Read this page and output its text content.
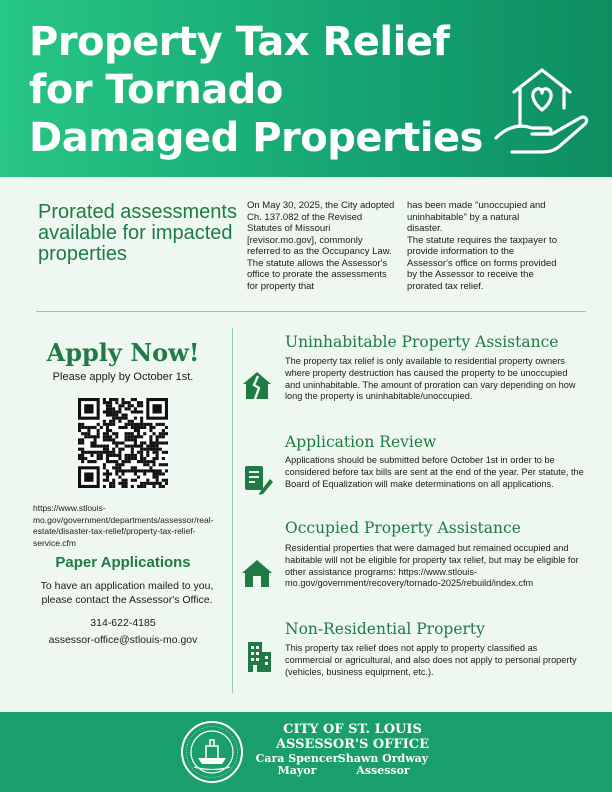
Property Tax Relief for Tornado Damaged Properties
Prorated assessments available for impacted properties
On May 30, 2025, the City adopted Ch. 137.082 of the Revised Statutes of Missouri [revisor.mo.gov], commonly referred to as the Occupancy Law. The statute allows the Assessor's office to prorate the assessments for property that
has been made "unoccupied and uninhabitable" by a natural disaster.
The statute requires the taxpayer to provide information to the Assessor's office on forms provided by the Assessor to receive the prorated tax relief.
Apply Now!
Please apply by October 1st.
https://www.stlouis-mo.gov/government/departments/assessor/real-estate/disaster-tax-relief/property-tax-relief-service.cfm
Paper Applications
To have an application mailed to you, please contact the Assessor's Office.
314-622-4185
assessor-office@stlouis-mo.gov
Uninhabitable Property Assistance
The property tax relief is only available to residential property owners where property destruction has caused the property to be unoccupied and uninhabitable. The amount of proration can vary depending on how long the property is uninhabitable/unoccupied.
Application Review
Applications should be submitted before October 1st in order to be considered before tax bills are sent at the end of the year. Per statute, the Board of Equalization will make determinations on all applications.
Occupied Property Assistance
Residential properties that were damaged but remained occupied and habitable will not be eligible for property tax relief, but may be eligible for other assistance programs: https://www.stlouis-mo.gov/government/recovery/tornado-2025/rebuild/index.cfm
Non-Residential Property
This property tax relief does not apply to property classified as commercial or agricultural, and also does not apply to personal property (vehicles, business equipment, etc.).
CITY OF ST. LOUIS
ASSESSOR'S OFFICE
Cara Spencer
Mayor
Shawn Ordway
Assessor
